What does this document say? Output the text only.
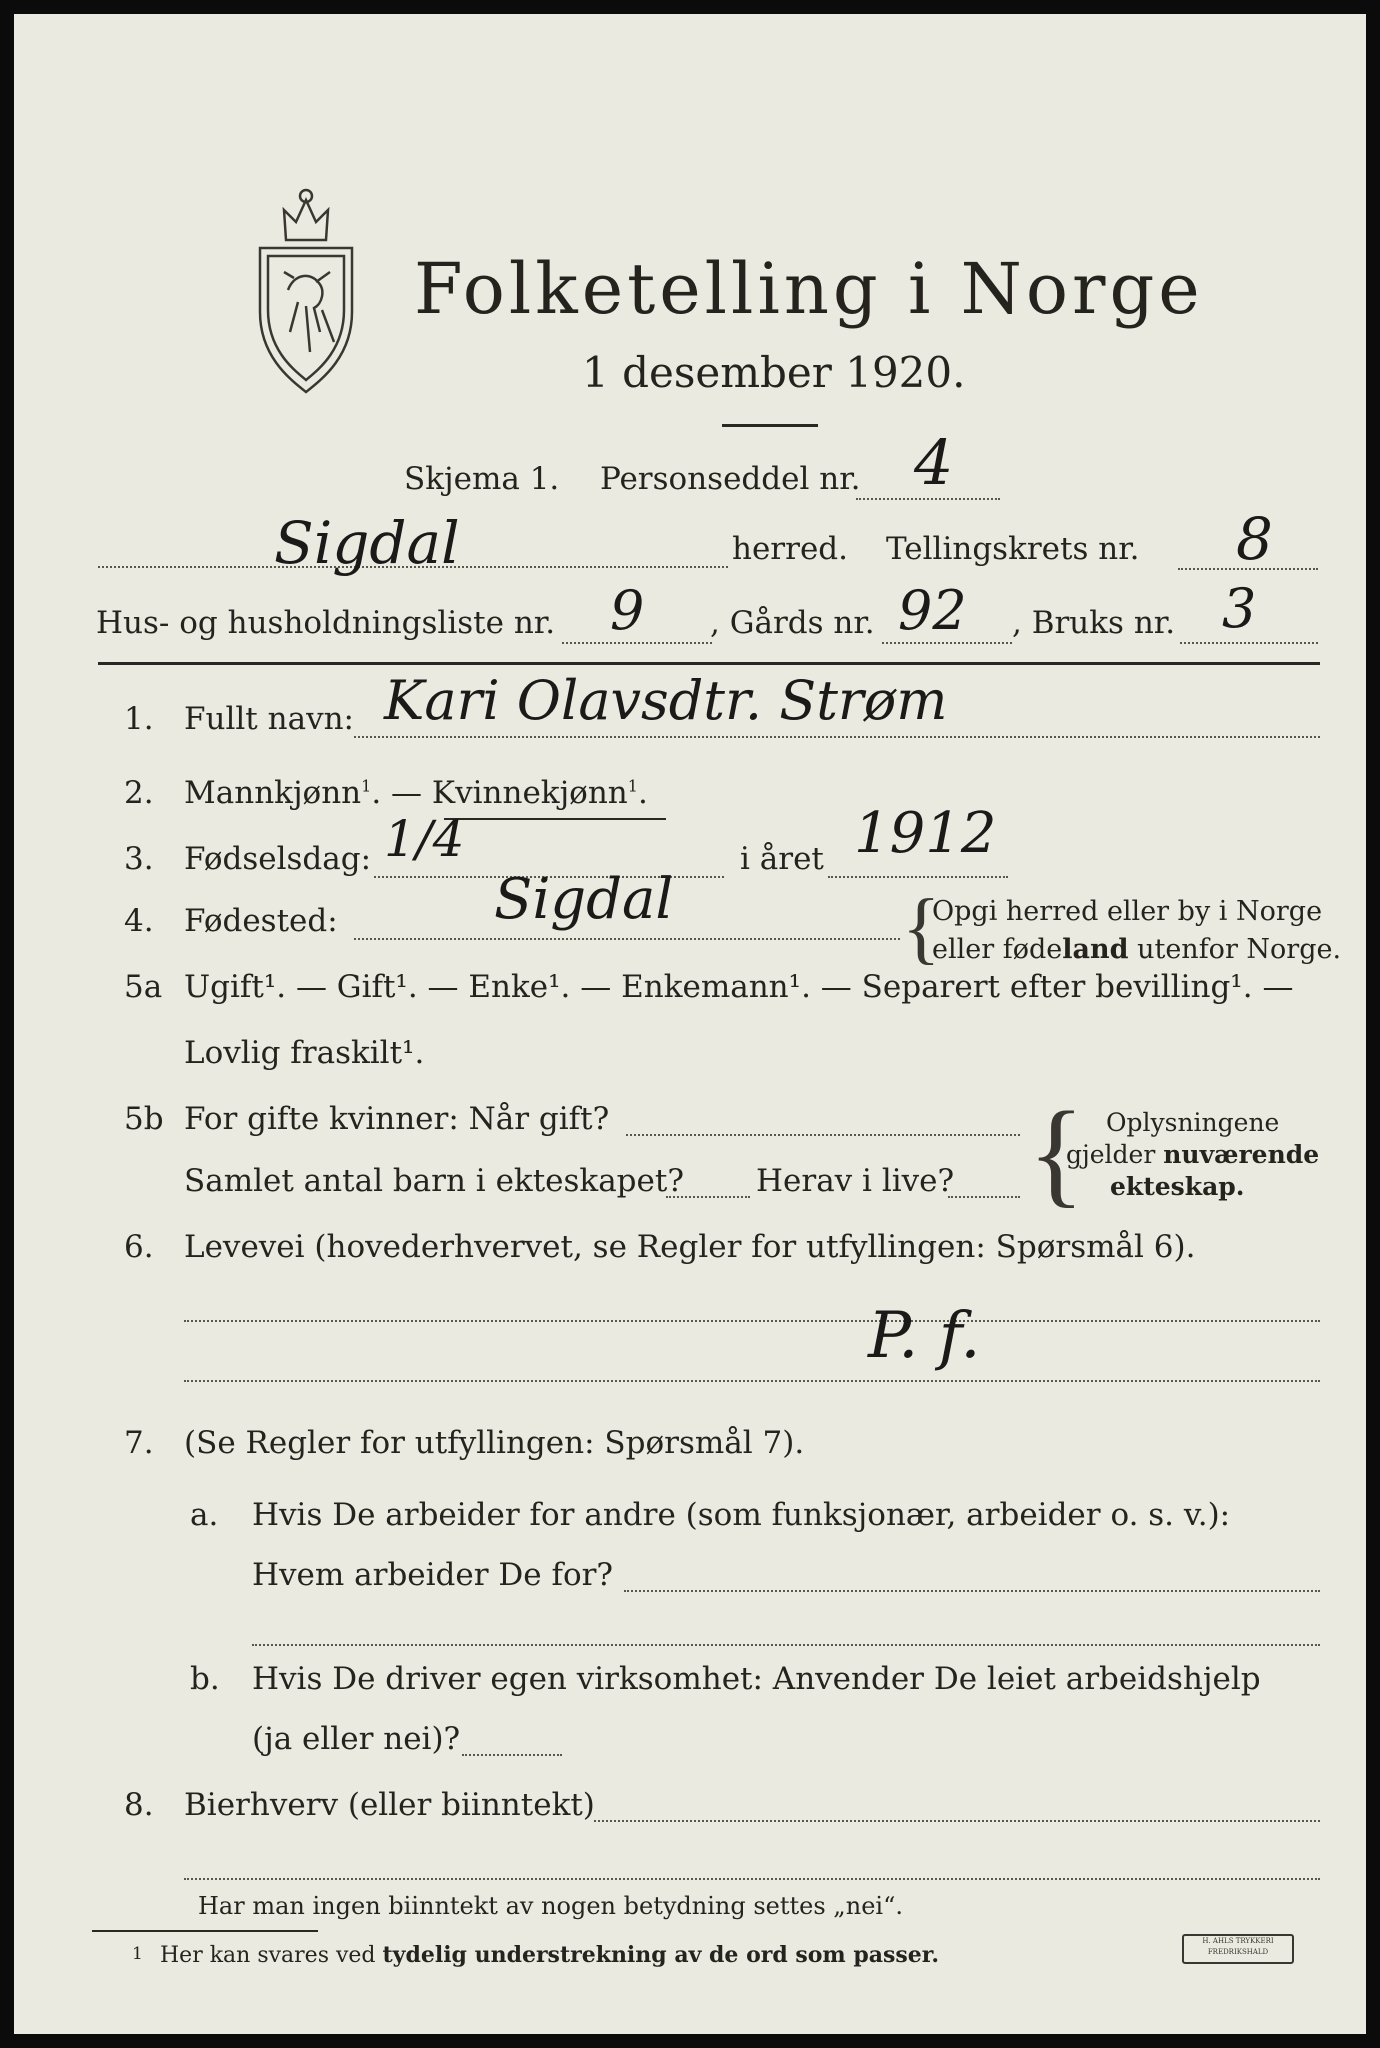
Folketelling i Norge
1 desember 1920.
Skjema 1. Personseddel nr. 4
Sigdal	herred. Tellingskrets nr. 8
Hus- og husholdningsliste nr. 9 , Gårds nr. 92 , Bruks nr. 3
1. Fullt navn: Kari Olavsdtr. Strøm
2. Mannkjønn$^1$. — Kvinnekjønn$^1$.
3. Fødselsdag: 1/4	i året 1912
4. Fødested:	Sigdal	{
Opgi herred eller by i Norge
eller fødeland utenfor Norge.
5a Ugift¹. — Gift¹. — Enke¹. — Enkemann¹. — Separert efter bevilling¹. —
Lovlig fraskilt¹.
5b For gifte kvinner: Når gift?
Samlet antal barn i ekteskapet? Herav i live? { Oplysningene
gjelder nuværende
ekteskap.
6. Levevei (hovederhvervet, se Regler for utfyllingen: Spørsmål 6).
P. f.
7. (Se Regler for utfyllingen: Spørsmål 7).
a. Hvis De arbeider for andre (som funksjonær, arbeider o. s. v.):
Hvem arbeider De for?
b. Hvis De driver egen virksomhet: Anvender De leiet arbeidshjelp
(ja eller nei)?
8. Bierhverv (eller biinntekt)
Har man ingen biinntekt av nogen betydning settes „nei“.
1 Her kan svares ved tydelig understrekning av de ord som passer.
H. AHLS TRYKKERI
FREDRIKSHALD
